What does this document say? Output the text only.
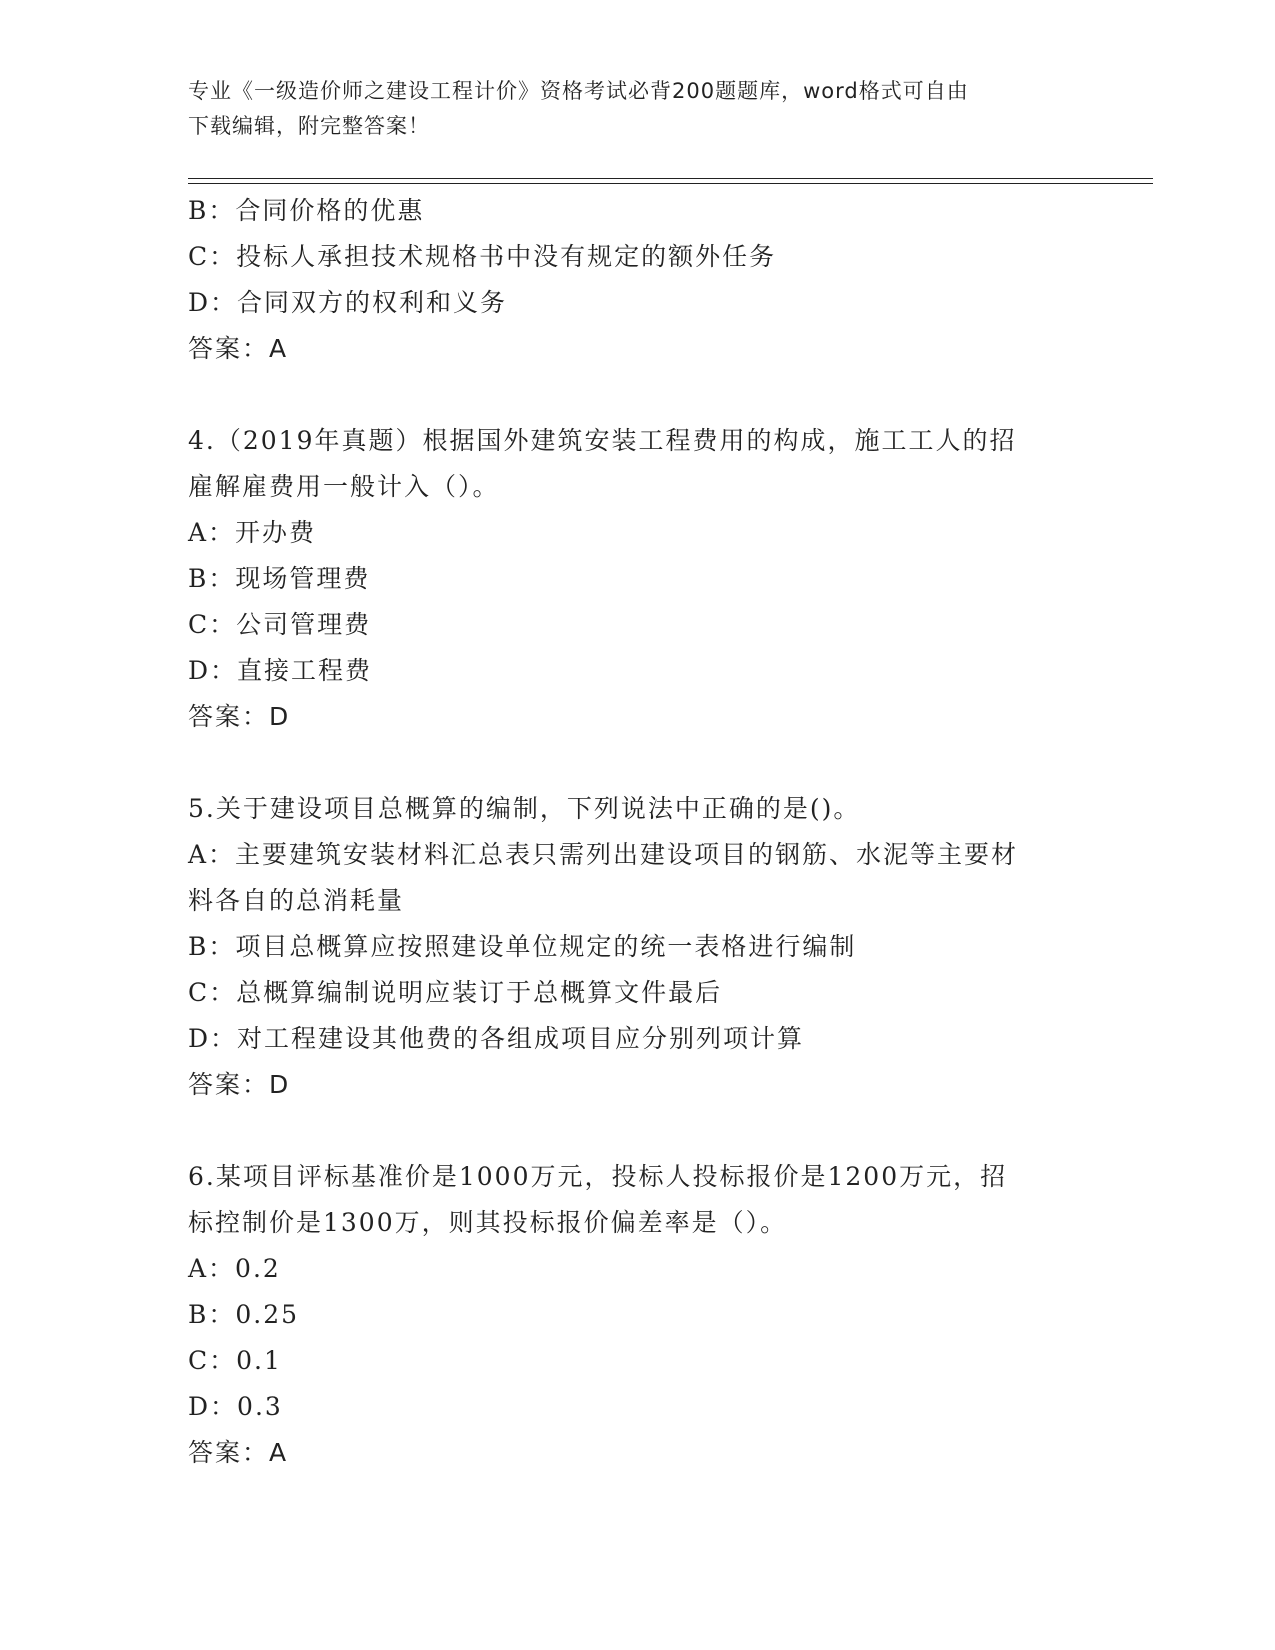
专业《一级造价师之建设工程计价》资格考试必背200题题库，word格式可自由
下载编辑，附完整答案！
B：合同价格的优惠
C：投标人承担技术规格书中没有规定的额外任务
D：合同双方的权利和义务
答案：A
4.（2019年真题）根据国外建筑安装工程费用的构成，施工工人的招
雇解雇费用一般计入（）。
A：开办费
B：现场管理费
C：公司管理费
D：直接工程费
答案：D
5.关于建设项目总概算的编制，下列说法中正确的是()。
A：主要建筑安装材料汇总表只需列出建设项目的钢筋、水泥等主要材
料各自的总消耗量
B：项目总概算应按照建设单位规定的统一表格进行编制
C：总概算编制说明应装订于总概算文件最后
D：对工程建设其他费的各组成项目应分别列项计算
答案：D
6.某项目评标基准价是1000万元，投标人投标报价是1200万元，招
标控制价是1300万，则其投标报价偏差率是（）。
A：0.2
B：0.25
C：0.1
D：0.3
答案：A
